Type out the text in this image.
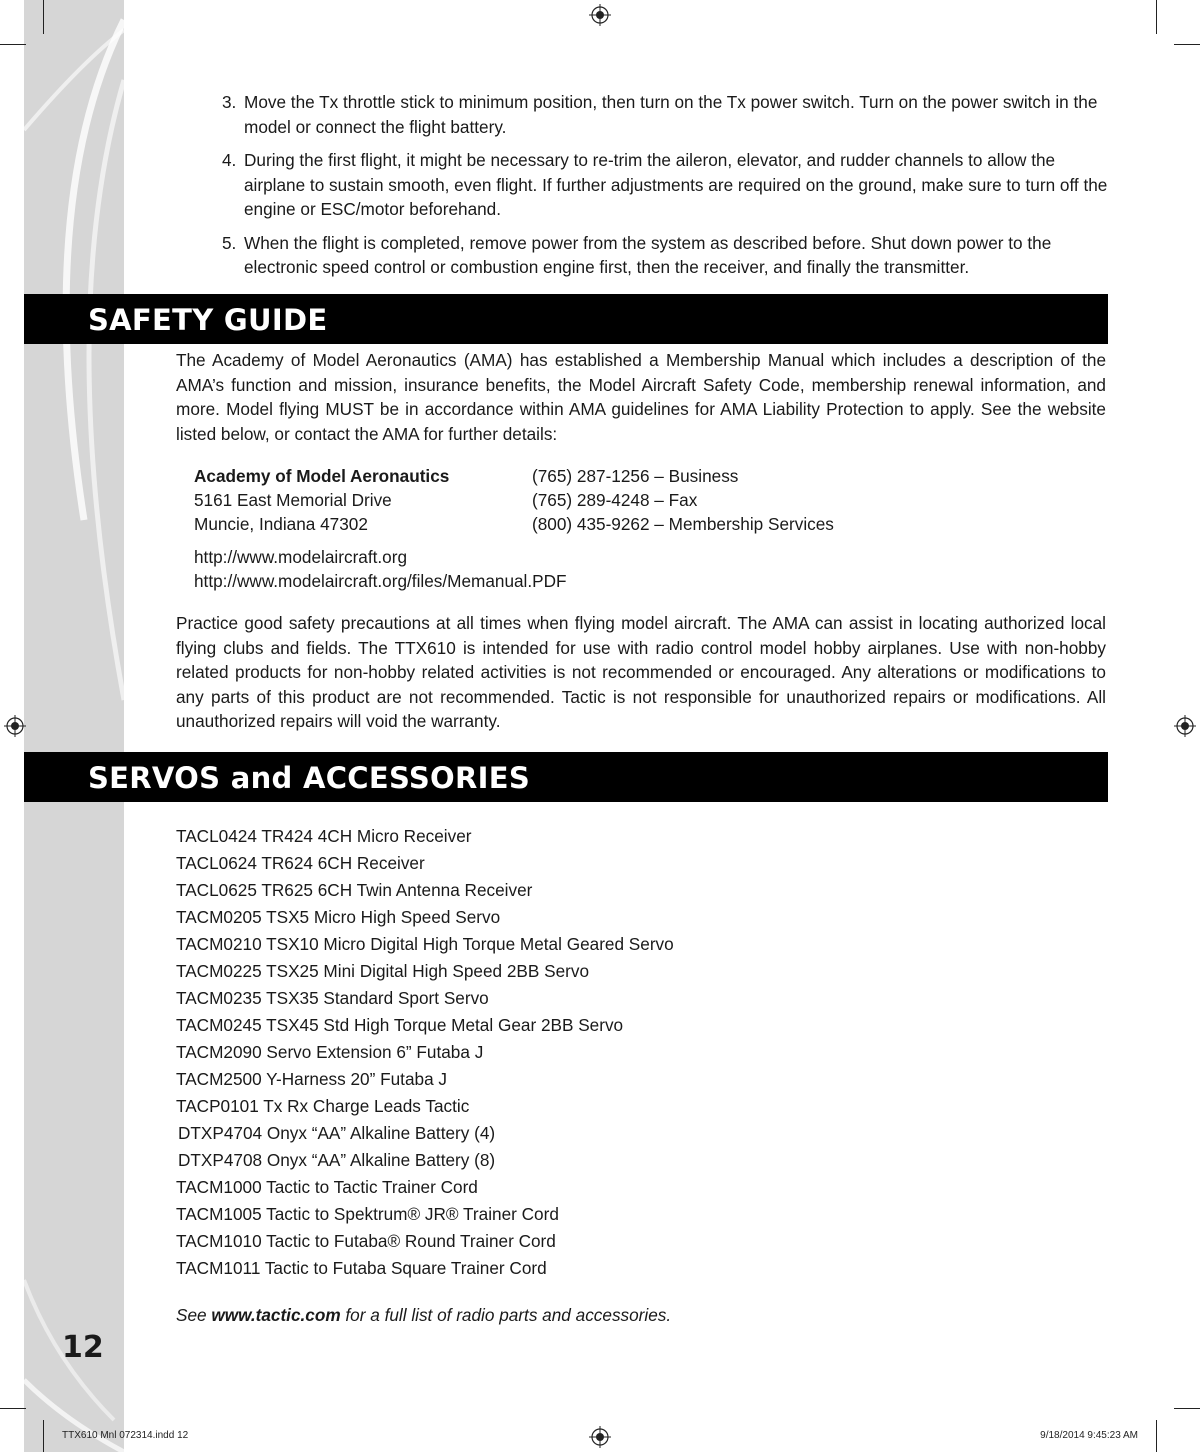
3. Move the Tx throttle stick to minimum position, then turn on the Tx power switch. Turn on the power switch in the model or connect the flight battery.
4. During the first flight, it might be necessary to re-trim the aileron, elevator, and rudder channels to allow the airplane to sustain smooth, even flight. If further adjustments are required on the ground, make sure to turn off the engine or ESC/motor beforehand.
5. When the flight is completed, remove power from the system as described before. Shut down power to the electronic speed control or combustion engine first, then the receiver, and finally the transmitter.
SAFETY GUIDE

The Academy of Model Aeronautics (AMA) has established a Membership Manual which includes a description of the AMA’s function and mission, insurance benefits, the Model Aircraft Safety Code, membership renewal information, and more. Model flying MUST be in accordance within AMA guidelines for AMA Liability Protection to apply. See the website listed below, or contact the AMA for further details:

Academy of Model Aeronautics	(765) 287-1256 – Business
5161 East Memorial Drive	(765) 289-4248 – Fax
Muncie, Indiana 47302	(800) 435-9262 – Membership Services
http://www.modelaircraft.org
http://www.modelaircraft.org/files/Memanual.PDF

Practice good safety precautions at all times when flying model aircraft. The AMA can assist in locating authorized local flying clubs and fields. The TTX610 is intended for use with radio control model hobby airplanes. Use with non-hobby related products for non-hobby related activities is not recommended or encouraged. Any alterations or modifications to any parts of this product are not recommended. Tactic is not responsible for unauthorized repairs or modifications. All unauthorized repairs will void the warranty.

SERVOS and ACCESSORIES
TACL0424 TR424 4CH Micro Receiver
TACL0624 TR624 6CH Receiver
TACL0625 TR625 6CH Twin Antenna Receiver
TACM0205 TSX5 Micro High Speed Servo
TACM0210 TSX10 Micro Digital High Torque Metal Geared Servo
TACM0225 TSX25 Mini Digital High Speed 2BB Servo
TACM0235 TSX35 Standard Sport Servo
TACM0245 TSX45 Std High Torque Metal Gear 2BB Servo
TACM2090 Servo Extension 6” Futaba J
TACM2500 Y-Harness 20” Futaba J
TACP0101 Tx Rx Charge Leads Tactic
DTXP4704 Onyx “AA” Alkaline Battery (4)
DTXP4708 Onyx “AA” Alkaline Battery (8)
TACM1000 Tactic to Tactic Trainer Cord
TACM1005 Tactic to Spektrum® JR® Trainer Cord
TACM1010 Tactic to Futaba® Round Trainer Cord
TACM1011 Tactic to Futaba Square Trainer Cord
See www.tactic.com for a full list of radio parts and accessories.
12
TTX610 Mnl 072314.indd 12	9/18/2014 9:45:23 AM
